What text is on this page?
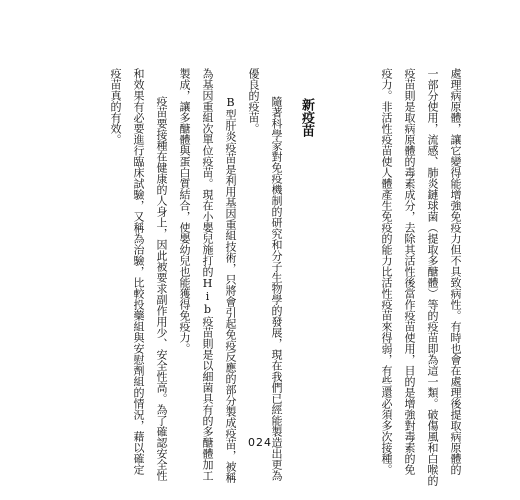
處理病原體，讓它變得能增強免疫力但不具致病性。有時也會在處理後提取病原體的
一部分使用，流感、肺炎鏈球菌（提取多醣體）等的疫苗即為這一類。破傷風和白喉的
疫苗則是取病原體的毒素成分，去除其活性後當作疫苗使用，目的是增強對毒素的免
疫力。非活性疫苗使人體產生免疫的能力比活性疫苗來得弱，有些還必須多次接種。
新疫苗
隨著科學家對免疫機制的研究和分子生物學的發展，現在我們已經能製造出更為
優良的疫苗。
B型肝炎疫苗是利用基因重組技術，只將會引起免疫反應的部分製成疫苗，被稱
為基因重組次單位疫苗。現在小嬰兒施打的Hib疫苗則是以細菌具有的多醣體加工
製成，讓多醣體與蛋白質結合，使嬰幼兒也能獲得免疫力。
疫苗要接種在健康的人身上，因此被要求副作用少、安全性高。為了確認安全性
和效果有必要進行臨床試驗，又稱為治驗，比較投藥組與安慰劑組的情況，藉以確定
疫苗真的有效。
024
